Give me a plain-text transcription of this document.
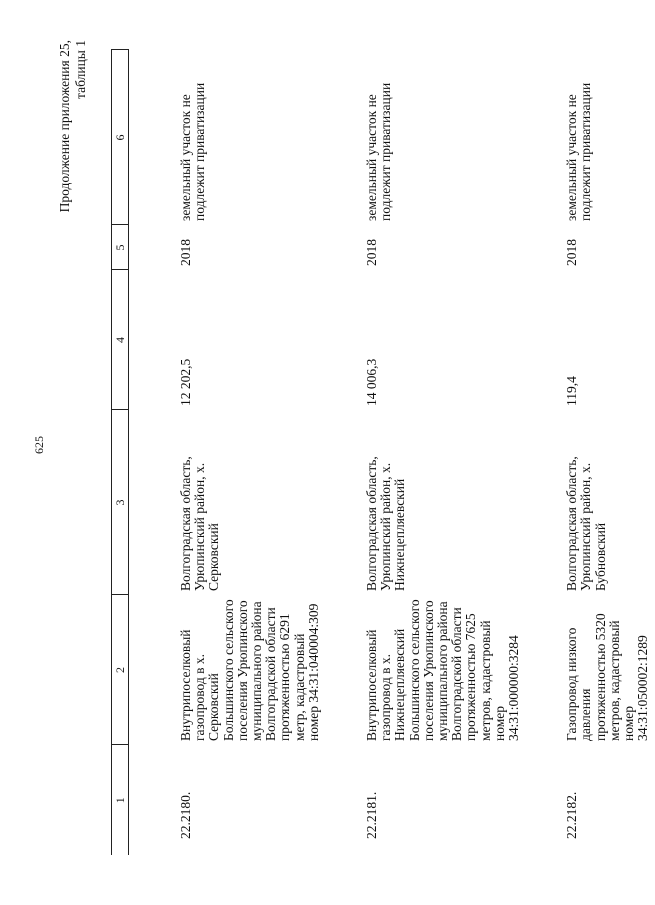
625
Продолжение приложения 25, таблицы 1
1	2	3	4	5	6
22.2180.	Внутрипоселковый газопровод в х. Серковский Большинского сельского поселения Урюпинского муниципального района Волгоградской области протяженностью 6291 метр, кадастровый номер 34:31:040004:309	Волгоградская область, Урюпинский район, х. Серковский	12 202,5	2018	земельный участок не подлежит приватизации
22.2181.	Внутрипоселковый газопровод в х. Нижнецепляевский Большинского сельского поселения Урюпинского муниципального района Волгоградской области протяженностью 7625 метров, кадастровый номер 34:31:000000:3284	Волгоградская область, Урюпинский район, х. Нижнецепляевский	14 006,3	2018	земельный участок не подлежит приватизации
22.2182.	Газопровод низкого давления протяженностью 5320 метров, кадастровый номер 34:31:050002:1289	Волгоградская область, Урюпинский район, х. Бубновский	119,4	2018	земельный участок не подлежит приватизации
